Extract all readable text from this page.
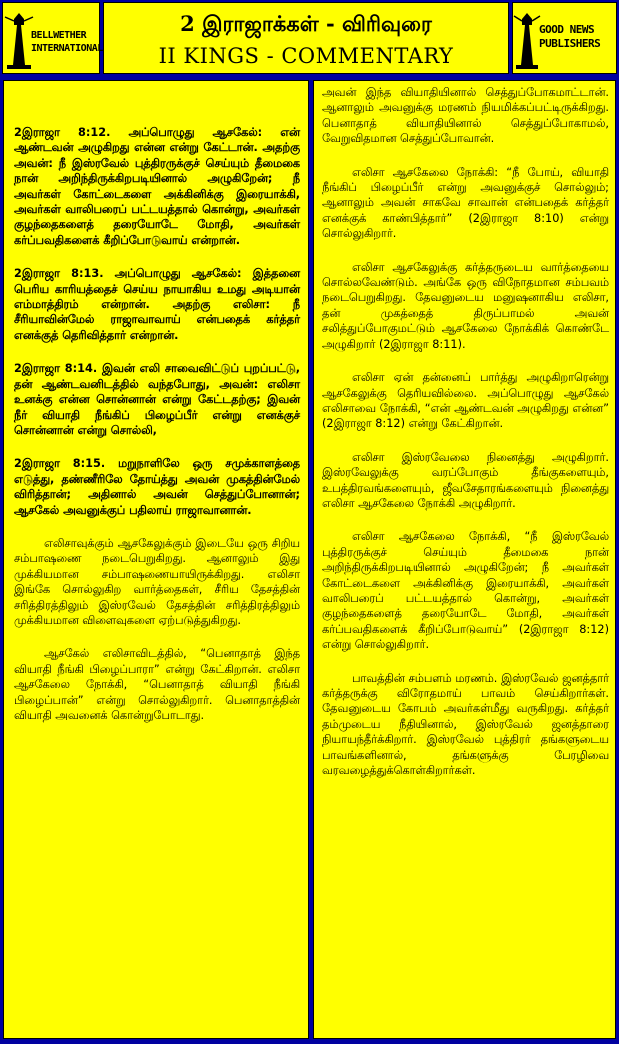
BELLWETHER INTERNATIONAL
2 இராஜாக்கள் - விரிவுரை
II KINGS - COMMENTARY
GOOD NEWS PUBLISHERS

2இராஜா 8:12. அப்பொழுது ஆசகேல்: என் ஆண்டவன் அழுகிறது என்ன என்று கேட்டான். அதற்கு அவன்: நீ இஸ்ரவேல் புத்திரருக்குச் செய்யும் தீமைகை நான் அறிந்திருக்கிறபடியினால் அழுகிறேன்; நீ அவர்கள் கோட்டைகளை அக்கினிக்கு இரையாக்கி, அவர்கள் வாலிபரைப் பட்டயத்தால் கொன்று, அவர்கள் குழந்தைகளைத் தரையோடே மோதி, அவர்கள் கர்ப்பவதிகளைக் கீறிப்போடுவாய் என்றான்.

2இராஜா 8:13. அப்பொழுது ஆசகேல்: இத்தனை பெரிய காரியத்தைச் செய்ய நாயாகிய உமது அடியான் எம்மாத்திரம் என்றான். அதற்கு எலிசா: நீ சீரியாவின்மேல் ராஜாவாவாய் என்பதைக் கர்த்தர் எனக்குத் தெரிவித்தார் என்றான்.

2இராஜா 8:14. இவன் எலி சாவைவிட்டுப் புறப்பட்டு, தன் ஆண்டவனிடத்தில் வந்தபோது, அவன்: எலிசா உனக்கு என்ன சொன்னான் என்று கேட்டதற்கு; இவன் நீர் வியாதி நீங்கிப் பிழைப்பீர் என்று எனக்குச் சொன்னான் என்று சொல்லி,

2இராஜா 8:15. மறுநாளிலே ஒரு சமுக்காளத்தை எடுத்து, தண்ணீரிலே தோய்த்து அவன் முகத்தின்மேல் விரித்தான்; அதினால் அவன் செத்துப்போனான்; ஆசகேல் அவனுக்குப் பதிலாய் ராஜாவானான்.

எலிசாவுக்கும் ஆசகேலுக்கும் இடையே ஒரு சிறிய சம்பாஷணை நடைபெறுகிறது. ஆனாலும் இது முக்கியமான சம்பாஷணையாயிருக்கிறது. எலிசா இங்கே சொல்லுகிற வார்த்தைகள், சீரிய தேசத்தின் சரித்திரத்திலும் இஸ்ரவேல் தேசத்தின் சரித்திரத்திலும் முக்கியமான விளைவுகளை ஏற்படுத்துகிறது.

ஆசகேல் எலிசாவிடத்தில், “பெனாதாத் இந்த வியாதி நீங்கி பிழைப்பாரா” என்று கேட்கிறான். எலிசா ஆசகேலை நோக்கி, “பெனாதாத் வியாதி நீங்கி பிழைப்பான்” என்று சொல்லுகிறார். பெனாதாத்தின் வியாதி அவனைக் கொன்றுபோடாது.

அவன் இந்த வியாதியினால் செத்துப்போகமாட்டான். ஆனாலும் அவனுக்கு மரணம் நியமிக்கப்பட்டிருக்கிறது. பெனாதாத் வியாதியினால் செத்துப்போகாமல், வேறுவிதமான செத்துப்போவான்.

எலிசா ஆசகேலை நோக்கி: “நீ போய், வியாதி நீங்கிப் பிழைப்பீர் என்று அவனுக்குச் சொல்லும்; ஆனாலும் அவன் சாகவே சாவான் என்பதைக் கர்த்தர் எனக்குக் காண்பித்தார்” (2இராஜா 8:10) என்று சொல்லுகிறார்.

எலிசா ஆசகேலுக்கு கர்த்தருடைய வார்த்தையை சொல்லவேண்டும். அங்கே ஒரு விநோதமான சம்பவம் நடைபெறுகிறது. தேவனுடைய மனுஷனாகிய எலிசா, தன் முகத்தைத் திருப்பாமல் அவன் சலித்துப்போகுமட்டும் ஆசகேலை நோக்கிக் கொண்டே அழுகிறார் (2இராஜா 8:11).

எலிசா ஏன் தன்னைப் பார்த்து அழுகிறாரென்று ஆசகேலுக்கு தெரியவில்லை. அப்பொழுது ஆசகேல் எலிசாவை நோக்கி, “என் ஆண்டவன் அழுகிறது என்ன” (2இராஜா 8:12) என்று கேட்கிறான்.

எலிசா இஸ்ரவேலை நினைத்து அழுகிறார். இஸ்ரவேலுக்கு வரப்போகும் தீங்குகளையும், உபத்திரவங்களையும், ஜீவசேதாரங்களையும் நினைத்து எலிசா ஆசகேலை நோக்கி அழுகிறார்.

எலிசா ஆசகேலை நோக்கி, “நீ இஸ்ரவேல் புத்திரருக்குச் செய்யும் தீமைகை நான் அறிந்திருக்கிறபடியினால் அழுகிறேன்; நீ அவர்கள் கோட்டைகளை அக்கினிக்கு இரையாக்கி, அவர்கள் வாலிபரைப் பட்டயத்தால் கொன்று, அவர்கள் குழந்தைகளைத் தரையோடே மோதி, அவர்கள் கர்ப்பவதிகளைக் கீறிப்போடுவாய்” (2இராஜா 8:12) என்று சொல்லுகிறார்.

பாவத்தின் சம்பளம் மரணம். இஸ்ரவேல் ஜனத்தார் கர்த்தருக்கு விரோதமாய் பாவம் செய்கிறார்கள். தேவனுடைய கோபம் அவர்கள்மீது வருகிறது. கர்த்தர் தம்முடைய நீதியினால், இஸ்ரவேல் ஜனத்தாரை நியாயந்தீர்க்கிறார். இஸ்ரவேல் புத்திரர் தங்களுடைய பாவங்களினால், தங்களுக்கு பேரழிவை வரவழைத்துக்கொள்கிறார்கள்.
